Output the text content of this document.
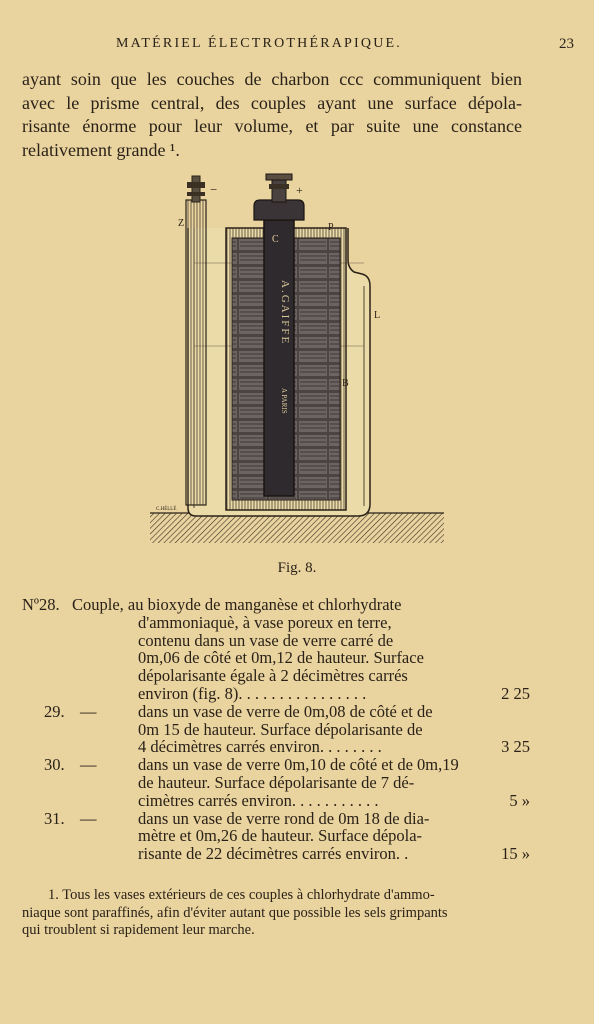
MATÉRIEL ÉLECTROTHÉRAPIQUE.	23
ayant soin que les couches de charbon ccc communiquent bien
avec le prisme central, des couples ayant une surface dépola-
risante énorme pour leur volume, et par suite une constance
relativement grande ¹.
−	+
Z
C
P
L
B
A.GAIFFE
A PARIS
C.HÉLLÉ
Fig. 8.
Nº28. Couple, au bioxyde de manganèse et chlorhydrate
d'ammoniaquè, à vase poreux en terre,
contenu dans un vase de verre carré de
0m,06 de côté et 0m,12 de hauteur. Surface
dépolarisante égale à 2 décimètres carrés
environ (fig. 8). . . . . . . . . . . . . . . .	2 25
29. —	dans un vase de verre de 0m,08 de côté et de
0m 15 de hauteur. Surface dépolarisante de
4 décimètres carrés environ. . . . . . . .	3 25
30. —	dans un vase de verre 0m,10 de côté et de 0m,19
de hauteur. Surface dépolarisante de 7 dé-
cimètres carrés environ. . . . . . . . . . .	5 »
31. —	dans un vase de verre rond de 0m 18 de dia-
mètre et 0m,26 de hauteur. Surface dépola-
risante de 22 décimètres carrés environ. .	15 »
1. Tous les vases extérieurs de ces couples à chlorhydrate d'ammo-
niaque sont paraffinés, afin d'éviter autant que possible les sels grimpants
qui troublent si rapidement leur marche.
